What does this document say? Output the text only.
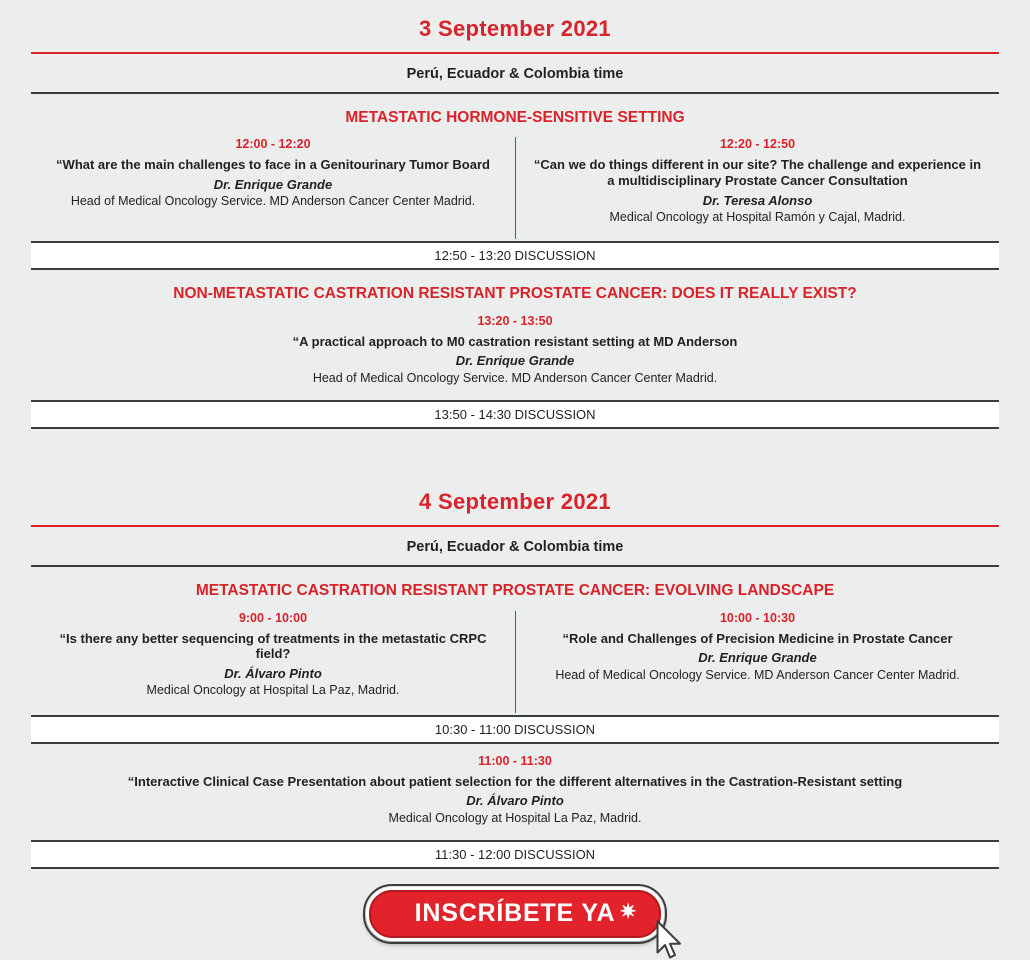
3 September 2021
Perú, Ecuador & Colombia time
METASTATIC HORMONE-SENSITIVE SETTING
12:00 - 12:20
“What are the main challenges to face in a Genitourinary Tumor Board
Dr. Enrique Grande
Head of Medical Oncology Service. MD Anderson Cancer Center Madrid.
12:20 - 12:50
“Can we do things different in our site? The challenge and experience in a multidisciplinary Prostate Cancer Consultation
Dr. Teresa Alonso
Medical Oncology at Hospital Ramón y Cajal, Madrid.
12:50 - 13:20 DISCUSSION
NON-METASTATIC CASTRATION RESISTANT PROSTATE CANCER: DOES IT REALLY EXIST?
13:20 - 13:50
“A practical approach to M0 castration resistant setting at MD Anderson
Dr. Enrique Grande
Head of Medical Oncology Service. MD Anderson Cancer Center Madrid.
13:50 - 14:30 DISCUSSION
4 September 2021
Perú, Ecuador & Colombia time
METASTATIC CASTRATION RESISTANT PROSTATE CANCER: EVOLVING LANDSCAPE
9:00 - 10:00
“Is there any better sequencing of treatments in the metastatic CRPC field?
Dr. Álvaro Pinto
Medical Oncology at Hospital La Paz, Madrid.
10:00 - 10:30
“Role and Challenges of Precision Medicine in Prostate Cancer
Dr. Enrique Grande
Head of Medical Oncology Service. MD Anderson Cancer Center Madrid.
10:30 - 11:00 DISCUSSION
11:00 - 11:30
“Interactive Clinical Case Presentation about patient selection for the different alternatives in the Castration-Resistant setting
Dr. Álvaro Pinto
Medical Oncology at Hospital La Paz, Madrid.
11:30 - 12:00 DISCUSSION
INSCRÍBETE YA ✷
